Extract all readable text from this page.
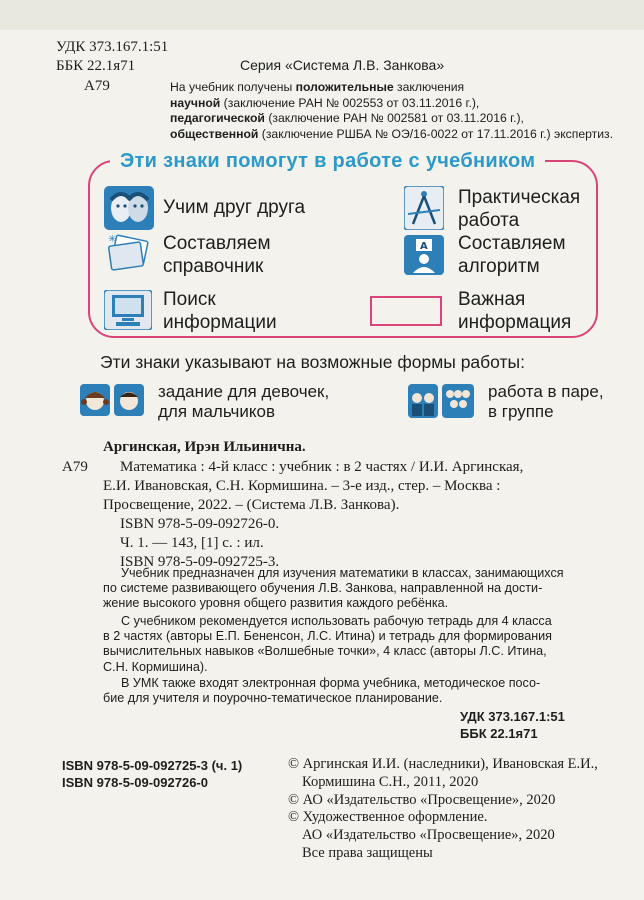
УДК 373.167.1:51
ББК 22.1я71
А79
Серия «Система Л.В. Занкова»
На учебник получены положительные заключения
научной (заключение РАН № 002553 от 03.11.2016 г.),
педагогической (заключение РАН № 002581 от 03.11.2016 г.),
общественной (заключение РШБА № ОЭ/16-0022 от 17.11.2016 г.) экспертиз.
Эти знаки помогут в работе с учебником
Учим друг друга	Практическая
работа
✳ Составляем
справочник
A Составляем
алгоритм
Поиск
информации
Важная
информация
Эти знаки указывают на возможные формы работы:
задание для девочек,
для мальчиков
работа в паре,
в группе
Аргинская, Ирэн Ильинична.
А79 Математика : 4-й класс : учебник : в 2 частях / И.И. Аргинская,
Е.И. Ивановская, С.Н. Кормишина. – 3-е изд., стер. – Москва :
Просвещение, 2022. – (Система Л.В. Занкова).
ISBN 978-5-09-092726-0.
Ч. 1. — 143, [1] с. : ил.
ISBN 978-5-09-092725-3.
Учебник предназначен для изучения математики в классах, занимающихся
по системе развивающего обучения Л.В. Занкова, направленной на дости-
жение высокого уровня общего развития каждого ребёнка.
С учебником рекомендуется использовать рабочую тетрадь для 4 класса
в 2 частях (авторы Е.П. Бененсон, Л.С. Итина) и тетрадь для формирования
вычислительных навыков «Волшебные точки», 4 класс (авторы Л.С. Итина,
С.Н. Кормишина).
В УМК также входят электронная форма учебника, методическое посо-
бие для учителя и поурочно-тематическое планирование.
УДК 373.167.1:51
ББК 22.1я71
ISBN 978-5-09-092725-3 (ч. 1)
ISBN 978-5-09-092726-0
© Аргинская И.И. (наследники), Ивановская Е.И.,
Кормишина С.Н., 2011, 2020
© АО «Издательство «Просвещение», 2020
© Художественное оформление.
АО «Издательство «Просвещение», 2020
Все права защищены
